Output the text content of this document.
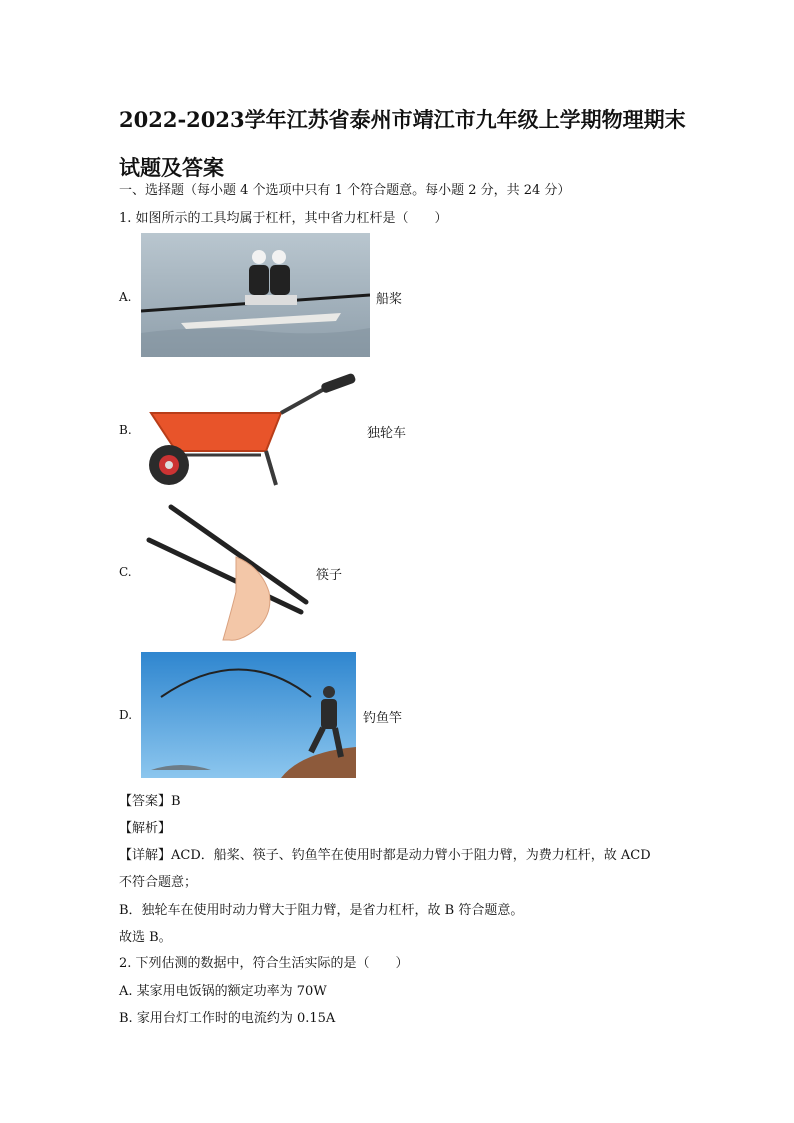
2022-2023学年江苏省泰州市靖江市九年级上学期物理期末试题及答案
一、选择题（每小题 4 个选项中只有 1 个符合题意。每小题 2 分，共 24 分）
1. 如图所示的工具均属于杠杆，其中省力杠杆是（　　）
A.	船桨
B.	独轮车
C.	筷子
D.	钓鱼竿
【答案】B
【解析】
【详解】ACD．船桨、筷子、钓鱼竿在使用时都是动力臂小于阻力臂，为费力杠杆，故 ACD
不符合题意；
B．独轮车在使用时动力臂大于阻力臂，是省力杠杆，故 B 符合题意。
故选 B。
2. 下列估测的数据中，符合生活实际的是（　　）
A. 某家用电饭锅的额定功率为 70W
B. 家用台灯工作时的电流约为 0.15A
